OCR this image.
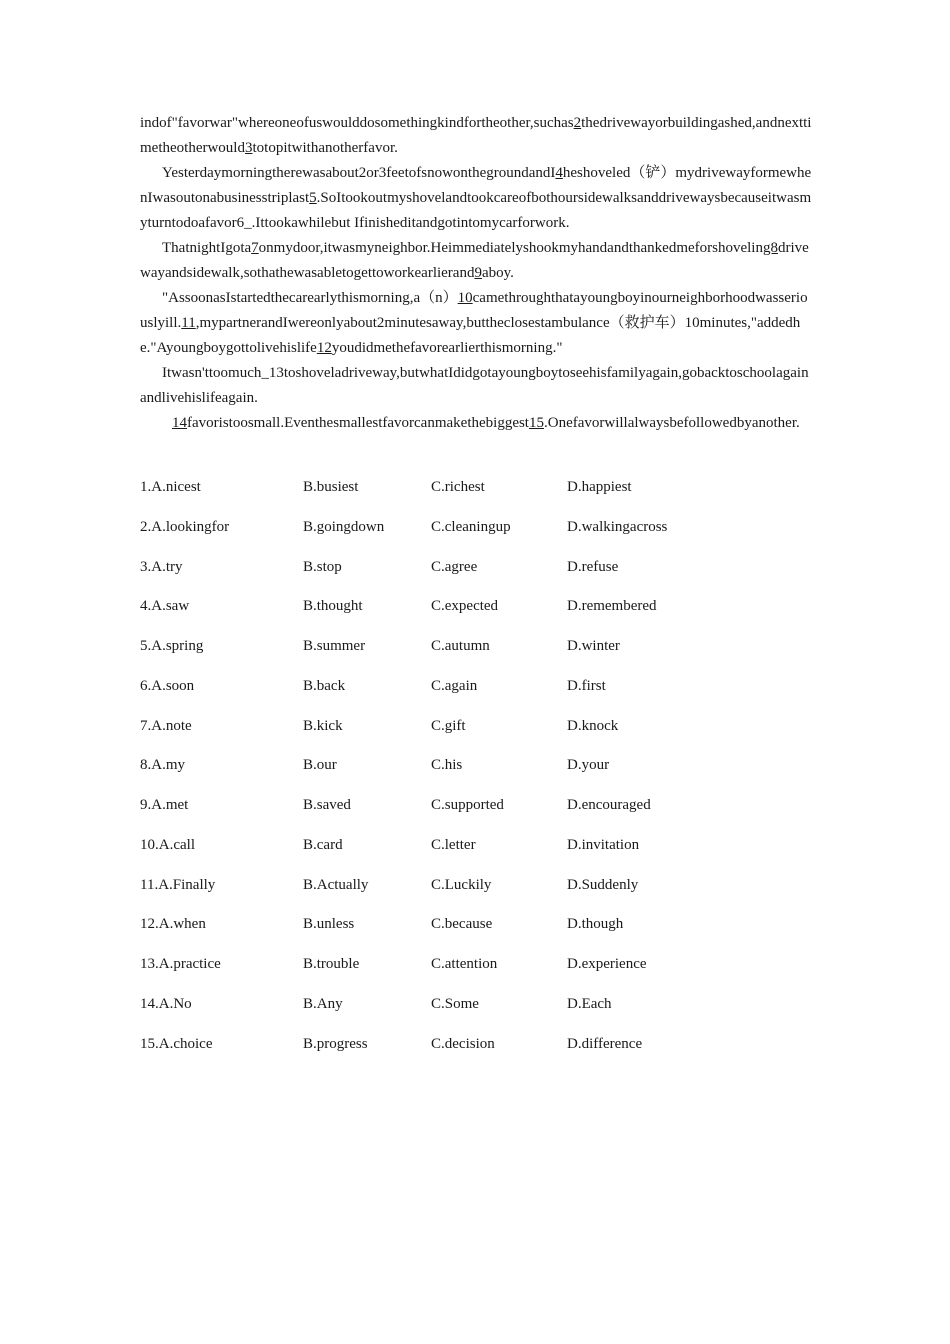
indof"favorwar"whereoneofuswoulddosomethingkindfortheother,suchas2thedrivewayorbuildingashed,andnexttimetheotherwould3totopitwithanotherfavor.

Yesterdaymorningtherewasabout2or3feetofsnowonthegroundandI4heshoveled（铲）mydrivewayformewhenIwasoutonabusinesstriplast5.SoItookoutmyshovelandtookcareofbothoursidewalksanddrivewaysbecauseitwasmyturntodoafavor6_.Ittookawhilebut Ifinisheditandgotintomycarforwork.

ThatnightIgota7onmydoor,itwasmyneighbor.Heimmediatelyshookmyhandandthankedmeforshoveling8drivewayandsidewalk,sothathewasabletogettoworkearlierand9aboy.

"AssoonasIstartedthecarearlythismorning,a（n）10camethroughthatayoungboyinourneighborhoodwasseriouslyill.11,mypartnerandIwereonlyabout2minutesaway,buttheclosestambulance（救护车）10minutes,"addedhe."Ayoungboygottolivehislife12youdidmethefavorearlierthismorning."

Itwasn'ttoomuch_13toshoveladriveway,butwhatIdidgotayoungboytoseehisfamilyagain,gobacktoschoolagainandlivehislifeagain.

14favoristoosmall.Eventhesmallestfavorcanmakethebiggest15.Onefavorwillalwaysbefollowedbyanother.

1.A.nicest	B.busiest	C.richest	D.happiest
2.A.lookingfor	B.goingdown	C.cleaningup	D.walkingacross
3.A.try	B.stop	C.agree	D.refuse
4.A.saw	B.thought	C.expected	D.remembered
5.A.spring	B.summer	C.autumn	D.winter
6.A.soon	B.back	C.again	D.first
7.A.note	B.kick	C.gift	D.knock
8.A.my	B.our	C.his	D.your
9.A.met	B.saved	C.supported	D.encouraged
10.A.call	B.card	C.letter	D.invitation
11.A.Finally	B.Actually	C.Luckily	D.Suddenly
12.A.when	B.unless	C.because	D.though
13.A.practice	B.trouble	C.attention	D.experience
14.A.No	B.Any	C.Some	D.Each
15.A.choice	B.progress	C.decision	D.difference
